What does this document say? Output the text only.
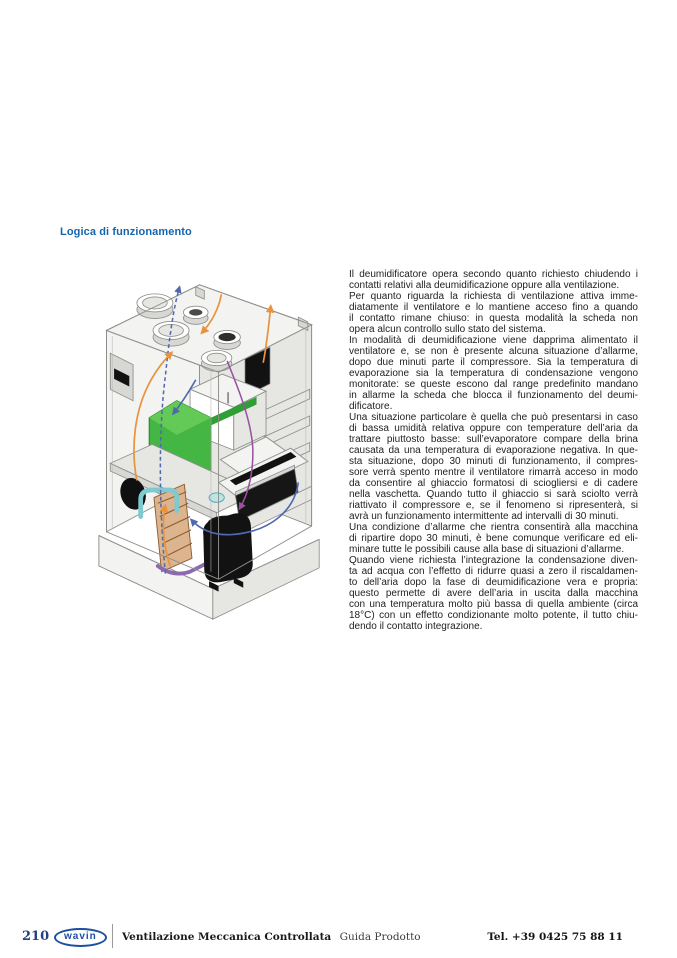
Logica di funzionamento
Il deumidificatore opera secondo quanto richiesto chiudendo i
contatti relativi alla deumidificazione oppure alla ventilazione.
Per quanto riguarda la richiesta di ventilazione attiva imme-
diatamente il ventilatore e lo mantiene acceso fino a quando
il contatto rimane chiuso: in questa modalità la scheda non
opera alcun controllo sullo stato del sistema.
In modalità di deumidificazione viene dapprima alimentato il
ventilatore e, se non è presente alcuna situazione d’allarme,
dopo due minuti parte il compressore. Sia la temperatura di
evaporazione sia la temperatura di condensazione vengono
monitorate: se queste escono dal range predefinito mandano
in allarme la scheda che blocca il funzionamento del deumi-
dificatore.
Una situazione particolare è quella che può presentarsi in caso
di bassa umidità relativa oppure con temperature dell’aria da
trattare piuttosto basse: sull’evaporatore compare della brina
causata da una temperatura di evaporazione negativa. In que-
sta situazione, dopo 30 minuti di funzionamento, il compres-
sore verrà spento mentre il ventilatore rimarrà acceso in modo
da consentire al ghiaccio formatosi di sciogliersi e di cadere
nella vaschetta. Quando tutto il ghiaccio si sarà sciolto verrà
riattivato il compressore e, se il fenomeno si ripresenterà, si
avrà un funzionamento intermittente ad intervalli di 30 minuti.
Una condizione d’allarme che rientra consentirà alla macchina
di ripartire dopo 30 minuti, è bene comunque verificare ed eli-
minare tutte le possibili cause alla base di situazioni d’allarme.
Quando viene richiesta l’integrazione la condensazione diven-
ta ad acqua con l’effetto di ridurre quasi a zero il riscaldamen-
to dell’aria dopo la fase di deumidificazione vera e propria:
questo permette di avere dell’aria in uscita dalla macchina
con una temperatura molto più bassa di quella ambiente (circa
18°C) con un effetto condizionante molto potente, il tutto chiu-
dendo il contatto integrazione.
210	wavin	Ventilazione Meccanica Controllata Guida Prodotto	Tel. +39 0425 75 88 11
